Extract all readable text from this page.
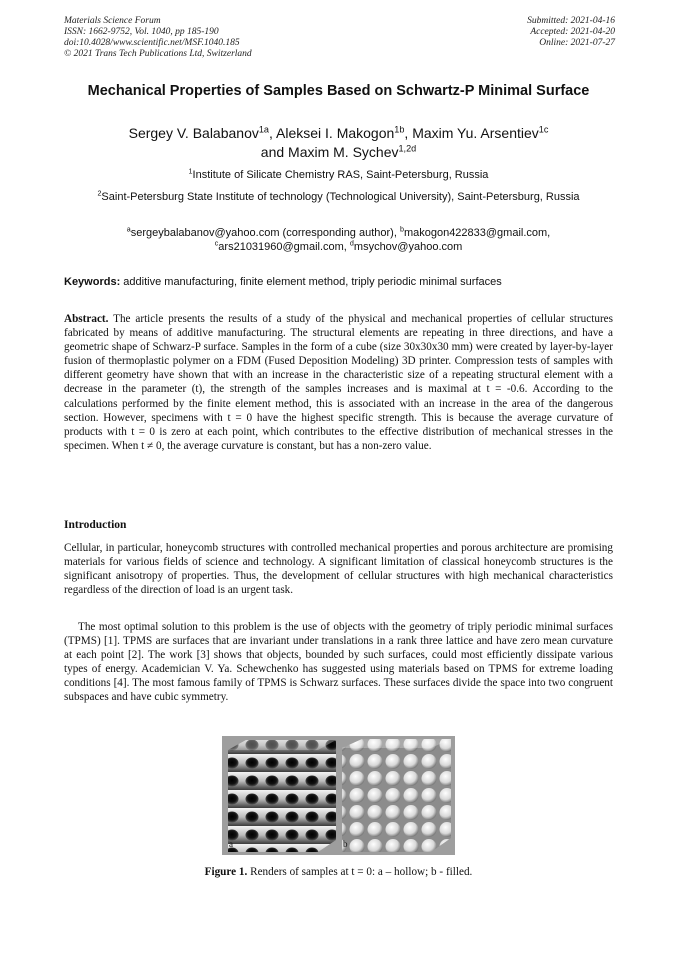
Materials Science Forum
ISSN: 1662-9752, Vol. 1040, pp 185-190
doi:10.4028/www.scientific.net/MSF.1040.185
© 2021 Trans Tech Publications Ltd, Switzerland
Submitted: 2021-04-16
Accepted: 2021-04-20
Online: 2021-07-27
Mechanical Properties of Samples Based on Schwartz-P Minimal Surface
Sergey V. Balabanov$^{1a}$, Aleksei I. Makogon$^{1b}$, Maxim Yu. Arsentiev$^{1c}$
and Maxim M. Sychev$^{1,2d}$
$^1$Institute of Silicate Chemistry RAS, Saint-Petersburg, Russia
$^2$Saint-Petersburg State Institute of technology (Technological University), Saint-Petersburg, Russia
$^a$sergeybalabanov@yahoo.com (corresponding author), $^b$makogon422833@gmail.com,
$^c$ars21031960@gmail.com, $^d$msychov@yahoo.com
Keywords: additive manufacturing, finite element method, triply periodic minimal surfaces
Abstract. The article presents the results of a study of the physical and mechanical properties of cellular structures fabricated by means of additive manufacturing. The structural elements are repeating in three directions, and have a geometric shape of Schwarz-P surface. Samples in the form of a cube (size 30x30x30 mm) were created by layer-by-layer fusion of thermoplastic polymer on a FDM (Fused Deposition Modeling) 3D printer. Compression tests of samples with different geometry have shown that with an increase in the characteristic size of a repeating structural element with a decrease in the parameter (t), the strength of the samples increases and is maximal at t = -0.6. According to the calculations performed by the finite element method, this is associated with an increase in the area of the dangerous section. However, specimens with t = 0 have the highest specific strength. This is because the average curvature of products with t = 0 is zero at each point, which contributes to the effective distribution of mechanical stresses in the specimen. When t ≠ 0, the average curvature is constant, but has a non-zero value.
Introduction
Cellular, in particular, honeycomb structures with controlled mechanical properties and porous architecture are promising materials for various fields of science and technology. A significant limitation of classical honeycomb structures is the significant anisotropy of properties. Thus, the development of cellular structures with high mechanical characteristics regardless of the direction of load is an urgent task.
The most optimal solution to this problem is the use of objects with the geometry of triply periodic minimal surfaces (TPMS) [1]. TPMS are surfaces that are invariant under translations in a rank three lattice and have zero mean curvature at each point [2]. The work [3] shows that objects, bounded by such surfaces, could most efficiently dissipate various types of energy. Academician V. Ya. Schewchenko has suggested using materials based on TPMS for extreme loading conditions [4]. The most famous family of TPMS is Schwarz surfaces. These surfaces divide the space into two congruent subspaces and have cubic symmetry.
a	b
Figure 1. Renders of samples at t = 0: a – hollow; b - filled.
